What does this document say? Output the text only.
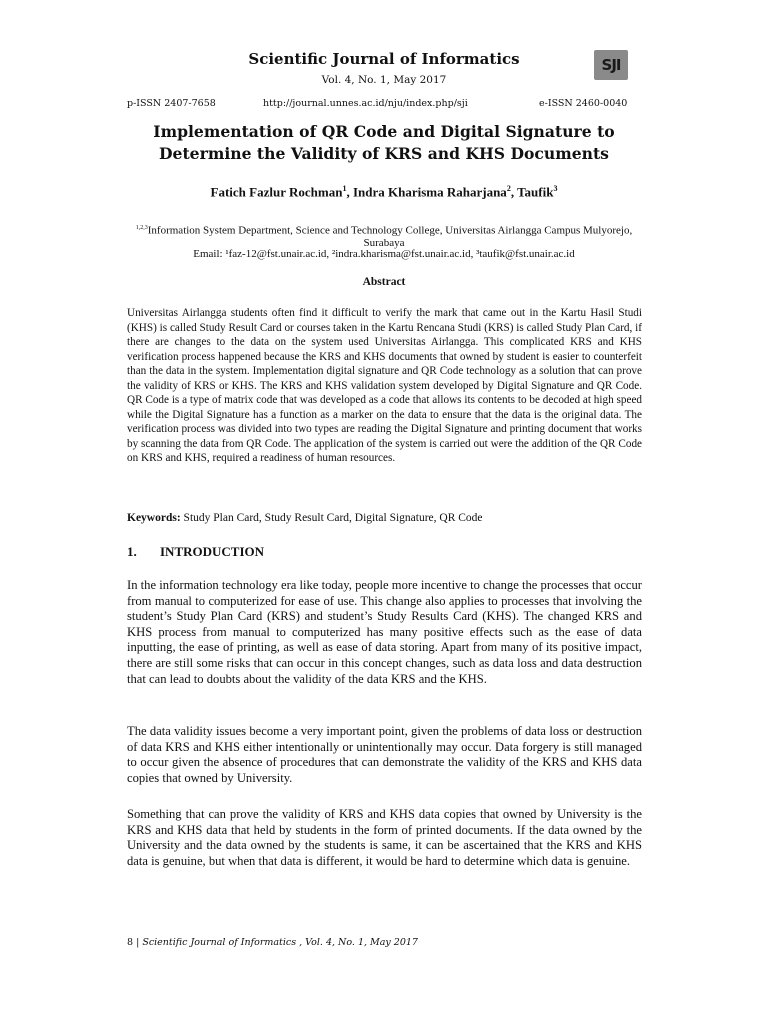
Scientific Journal of Informatics
Vol. 4, No. 1, May 2017
SJI
p-ISSN 2407-7658	http://journal.unnes.ac.id/nju/index.php/sji	e-ISSN 2460-0040
Implementation of QR Code and Digital Signature to
Determine the Validity of KRS and KHS Documents
Fatich Fazlur Rochman$^1$, Indra Kharisma Raharjana$^2$, Taufik$^3$
$^{1,2,3}$Information System Department, Science and Technology College, Universitas Airlangga Campus Mulyorejo, Surabaya
Email: ¹faz-12@fst.unair.ac.id, ²indra.kharisma@fst.unair.ac.id, ³taufik@fst.unair.ac.id
Abstract

Universitas Airlangga students often find it difficult to verify the mark that came out in the Kartu Hasil Studi (KHS) is called Study Result Card or courses taken in the Kartu Rencana Studi (KRS) is called Study Plan Card, if there are changes to the data on the system used Universitas Airlangga. This complicated KRS and KHS verification process happened because the KRS and KHS documents that owned by student is easier to counterfeit than the data in the system. Implementation digital signature and QR Code technology as a solution that can prove the validity of KRS or KHS. The KRS and KHS validation system developed by Digital Signature and QR Code. QR Code is a type of matrix code that was developed as a code that allows its contents to be decoded at high speed while the Digital Signature has a function as a marker on the data to ensure that the data is the original data. The verification process was divided into two types are reading the Digital Signature and printing document that works by scanning the data from QR Code. The application of the system is carried out were the addition of the QR Code on KRS and KHS, required a readiness of human resources.

Keywords: Study Plan Card, Study Result Card, Digital Signature, QR Code
1. INTRODUCTION

In the information technology era like today, people more incentive to change the processes that occur from manual to computerized for ease of use. This change also applies to processes that involving the student’s Study Plan Card (KRS) and student’s Study Results Card (KHS). The changed KRS and KHS process from manual to computerized has many positive effects such as the ease of data inputting, the ease of printing, as well as ease of data storing. Apart from many of its positive impact, there are still some risks that can occur in this concept changes, such as data loss and data destruction that can lead to doubts about the validity of the data KRS and the KHS.

The data validity issues become a very important point, given the problems of data loss or destruction of data KRS and KHS either intentionally or unintentionally may occur. Data forgery is still managed to occur given the absence of procedures that can demonstrate the validity of the KRS and KHS data copies that owned by University.

Something that can prove the validity of KRS and KHS data copies that owned by University is the KRS and KHS data that held by students in the form of printed documents. If the data owned by the University and the data owned by the students is same, it can be ascertained that the KRS and KHS data is genuine, but when that data is different, it would be hard to determine which data is genuine.

8 | Scientific Journal of Informatics , Vol. 4, No. 1, May 2017
